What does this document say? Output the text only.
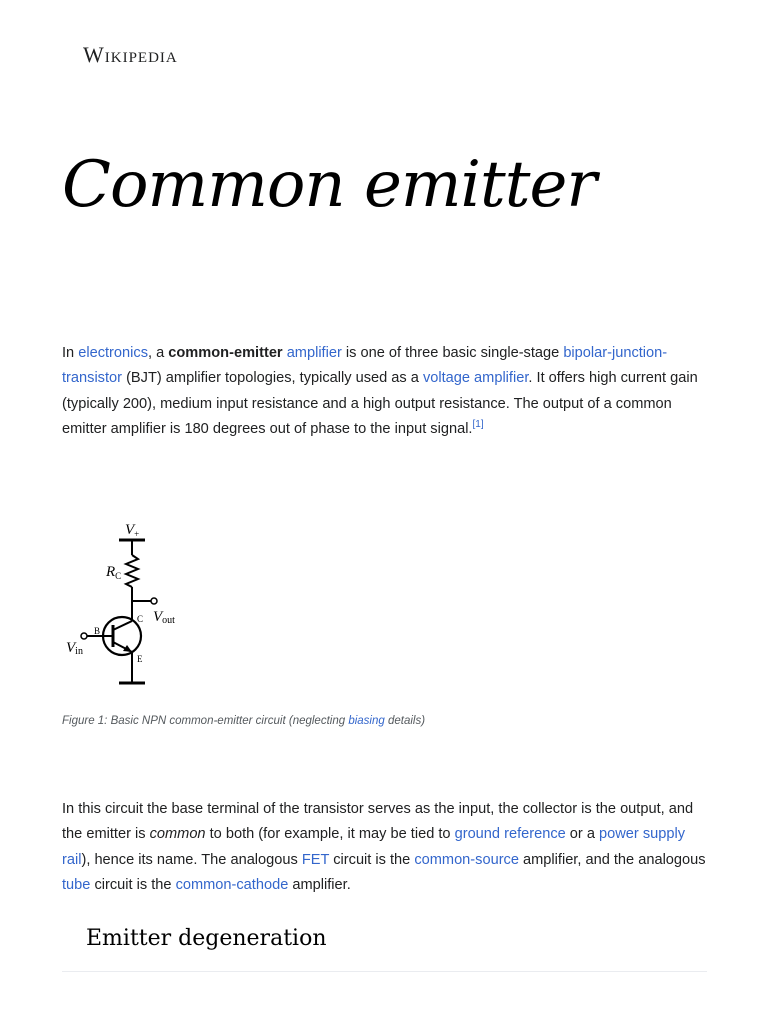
Wikipedia
Common emitter

In electronics, a common-emitter amplifier is one of three basic single-stage bipolar-junction-transistor (BJT) amplifier topologies, typically used as a voltage amplifier. It offers high current gain (typically 200), medium input resistance and a high output resistance. The output of a common emitter amplifier is 180 degrees out of phase to the input signal.[1]

$V_+$
$R_C$
Vout
Vin
B
C
E
Figure 1: Basic NPN common-emitter circuit (neglecting biasing details)

In this circuit the base terminal of the transistor serves as the input, the collector is the output, and the emitter is common to both (for example, it may be tied to ground reference or a power supply rail), hence its name. The analogous FET circuit is the common-source amplifier, and the analogous tube circuit is the common-cathode amplifier.

Emitter degeneration
